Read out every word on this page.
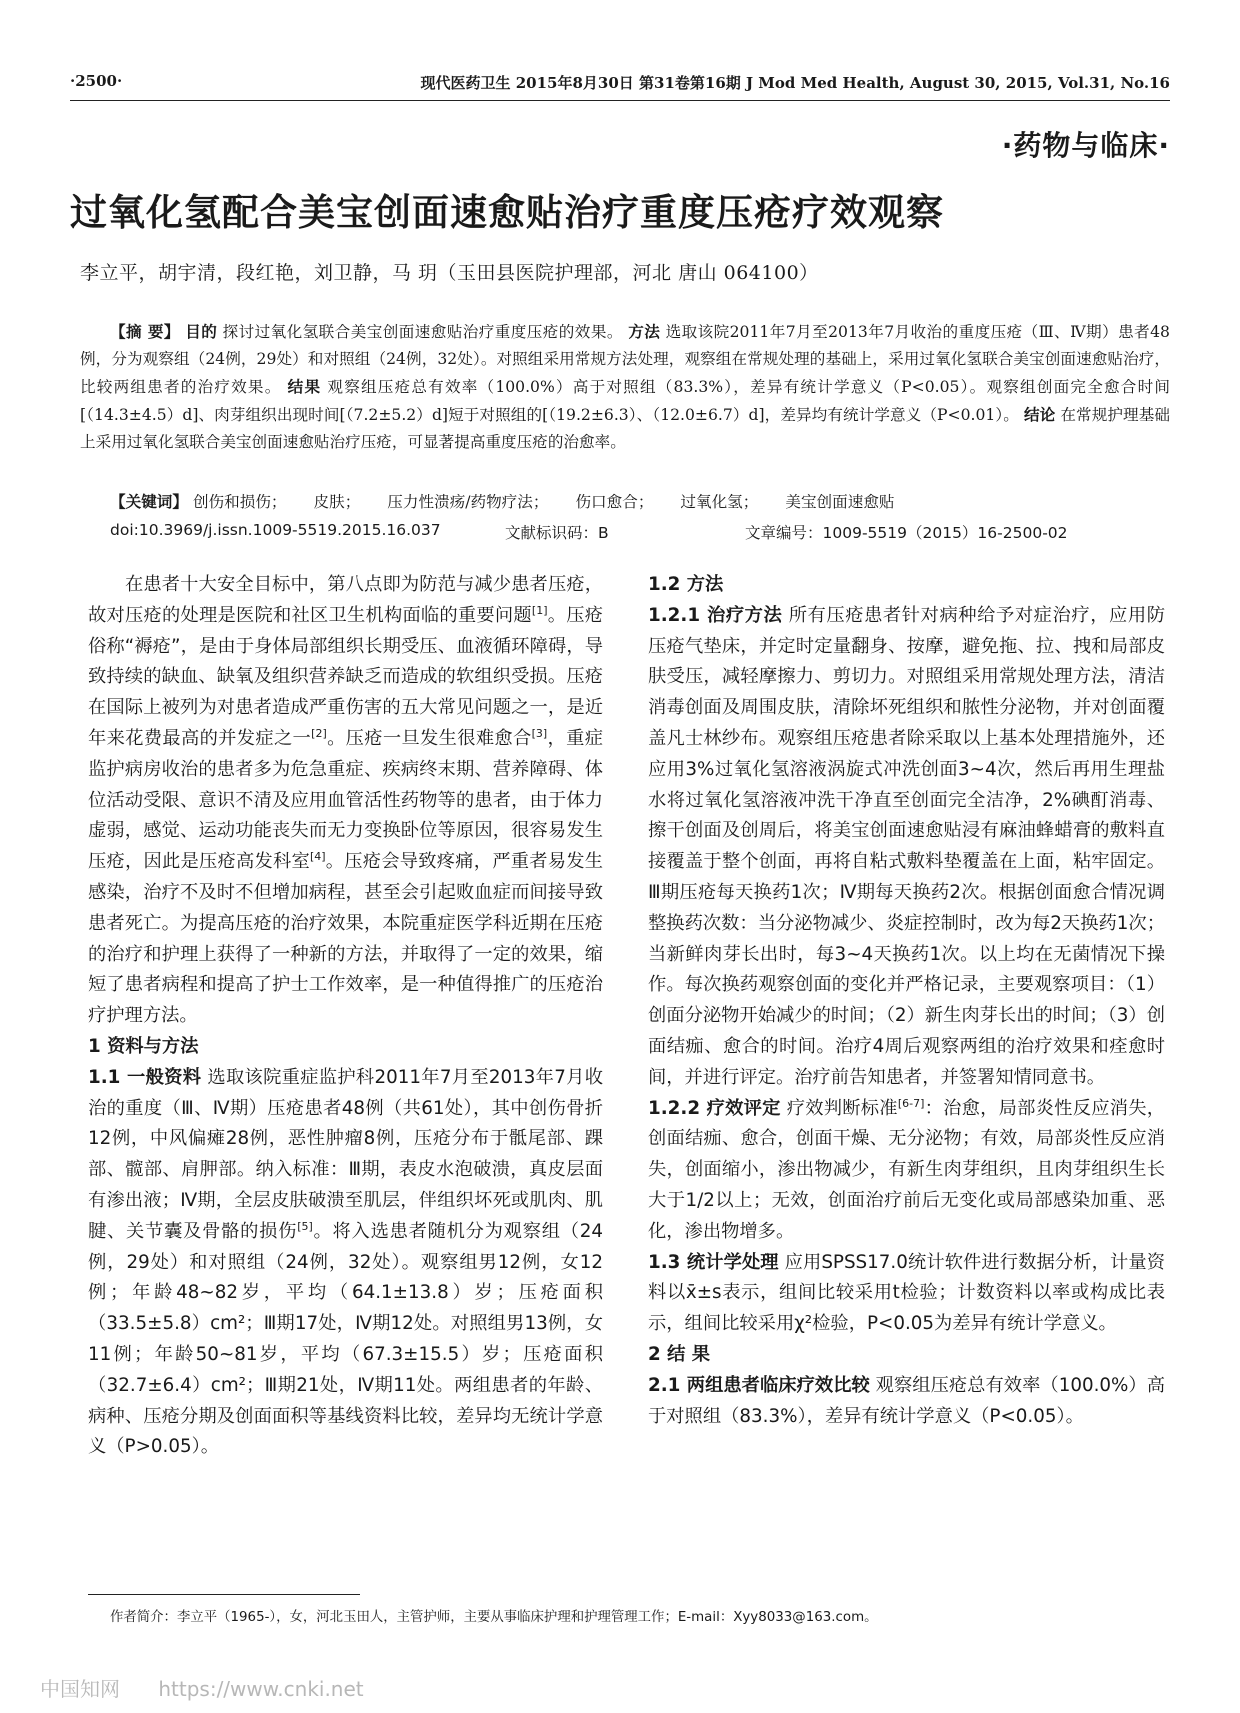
·2500·	现代医药卫生 2015年8月30日 第31卷第16期 J Mod Med Health, August 30, 2015, Vol.31, No.16
·药物与临床·
过氧化氢配合美宝创面速愈贴治疗重度压疮疗效观察
李立平，胡宇清，段红艳，刘卫静，马 玥（玉田县医院护理部，河北 唐山 064100）
【摘 要】 目的 探讨过氧化氢联合美宝创面速愈贴治疗重度压疮的效果。 方法 选取该院2011年7月至2013年7月收治的重度压疮（Ⅲ、Ⅳ期）患者48例，分为观察组（24例，29处）和对照组（24例，32处）。对照组采用常规方法处理，观察组在常规处理的基础上，采用过氧化氢联合美宝创面速愈贴治疗，比较两组患者的治疗效果。 结果 观察组压疮总有效率（100.0%）高于对照组（83.3%），差异有统计学意义（P<0.05）。观察组创面完全愈合时间[（14.3±4.5）d]、肉芽组织出现时间[（7.2±5.2）d]短于对照组的[（19.2±6.3）、（12.0±6.7）d]，差异均有统计学意义（P<0.01）。 结论 在常规护理基础上采用过氧化氢联合美宝创面速愈贴治疗压疮，可显著提高重度压疮的治愈率。
【关键词】 创伤和损伤； 皮肤； 压力性溃疡/药物疗法； 伤口愈合； 过氧化氢； 美宝创面速愈贴
doi:10.3969/j.issn.1009-5519.2015.16.037	文献标识码：B	文章编号：1009-5519（2015）16-2500-02

在患者十大安全目标中，第八点即为防范与减少患者压疮，故对压疮的处理是医院和社区卫生机构面临的重要问题[1]。压疮俗称“褥疮”，是由于身体局部组织长期受压、血液循环障碍，导致持续的缺血、缺氧及组织营养缺乏而造成的软组织受损。压疮在国际上被列为对患者造成严重伤害的五大常见问题之一，是近年来花费最高的并发症之一[2]。压疮一旦发生很难愈合[3]，重症监护病房收治的患者多为危急重症、疾病终末期、营养障碍、体位活动受限、意识不清及应用血管活性药物等的患者，由于体力虚弱，感觉、运动功能丧失而无力变换卧位等原因，很容易发生压疮，因此是压疮高发科室[4]。压疮会导致疼痛，严重者易发生感染，治疗不及时不但增加病程，甚至会引起败血症而间接导致患者死亡。为提高压疮的治疗效果，本院重症医学科近期在压疮的治疗和护理上获得了一种新的方法，并取得了一定的效果，缩短了患者病程和提高了护士工作效率，是一种值得推广的压疮治疗护理方法。

1 资料与方法

1.1 一般资料 选取该院重症监护科2011年7月至2013年7月收治的重度（Ⅲ、Ⅳ期）压疮患者48例（共61处），其中创伤骨折12例，中风偏瘫28例，恶性肿瘤8例，压疮分布于骶尾部、踝部、髋部、肩胛部。纳入标准：Ⅲ期，表皮水泡破溃，真皮层面有渗出液；Ⅳ期，全层皮肤破溃至肌层，伴组织坏死或肌肉、肌腱、关节囊及骨骼的损伤[5]。将入选患者随机分为观察组（24例，29处）和对照组（24例，32处）。观察组男12例，女12例；年龄48~82岁，平均（64.1±13.8）岁；压疮面积（33.5±5.8）cm²；Ⅲ期17处，Ⅳ期12处。对照组男13例，女11例；年龄50~81岁，平均（67.3±15.5）岁；压疮面积（32.7±6.4）cm²；Ⅲ期21处，Ⅳ期11处。两组患者的年龄、病种、压疮分期及创面面积等基线资料比较，差异均无统计学意义（P>0.05）。

1.2 方法

1.2.1 治疗方法 所有压疮患者针对病种给予对症治疗，应用防压疮气垫床，并定时定量翻身、按摩，避免拖、拉、拽和局部皮肤受压，减轻摩擦力、剪切力。对照组采用常规处理方法，清洁消毒创面及周围皮肤，清除坏死组织和脓性分泌物，并对创面覆盖凡士林纱布。观察组压疮患者除采取以上基本处理措施外，还应用3%过氧化氢溶液涡旋式冲洗创面3~4次，然后再用生理盐水将过氧化氢溶液冲洗干净直至创面完全洁净，2%碘酊消毒、擦干创面及创周后，将美宝创面速愈贴浸有麻油蜂蜡膏的敷料直接覆盖于整个创面，再将自粘式敷料垫覆盖在上面，粘牢固定。Ⅲ期压疮每天换药1次；Ⅳ期每天换药2次。根据创面愈合情况调整换药次数：当分泌物减少、炎症控制时，改为每2天换药1次；当新鲜肉芽长出时，每3~4天换药1次。以上均在无菌情况下操作。每次换药观察创面的变化并严格记录，主要观察项目：（1）创面分泌物开始减少的时间；（2）新生肉芽长出的时间；（3）创面结痂、愈合的时间。治疗4周后观察两组的治疗效果和痊愈时间，并进行评定。治疗前告知患者，并签署知情同意书。

1.2.2 疗效评定 疗效判断标准[6-7]：治愈，局部炎性反应消失，创面结痂、愈合，创面干燥、无分泌物；有效，局部炎性反应消失，创面缩小，渗出物减少，有新生肉芽组织，且肉芽组织生长大于1/2以上；无效，创面治疗前后无变化或局部感染加重、恶化，渗出物增多。

1.3 统计学处理 应用SPSS17.0统计软件进行数据分析，计量资料以x̄±s表示，组间比较采用t检验；计数资料以率或构成比表示，组间比较采用χ²检验，P<0.05为差异有统计学意义。

2 结 果

2.1 两组患者临床疗效比较 观察组压疮总有效率（100.0%）高于对照组（83.3%），差异有统计学意义（P<0.05）。

作者简介：李立平（1965-），女，河北玉田人，主管护师，主要从事临床护理和护理管理工作；E-mail：Xyy8033@163.com。
中国知网 https://www.cnki.net
